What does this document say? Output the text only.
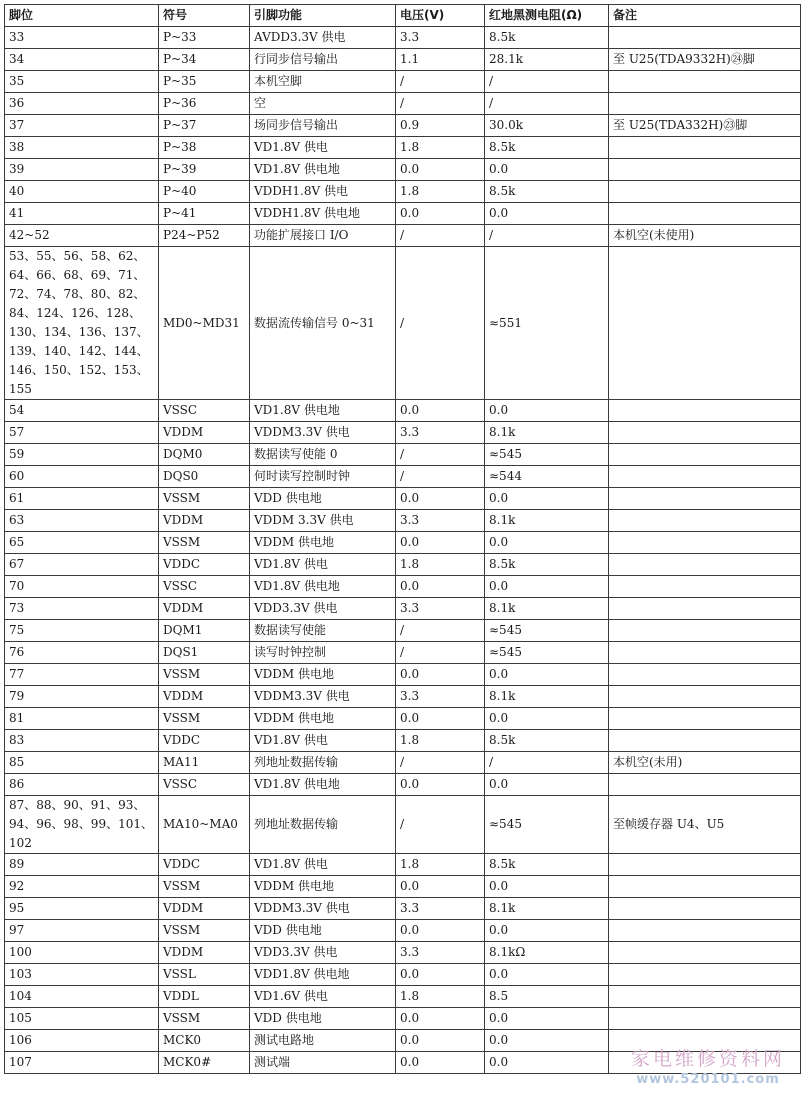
脚位	符号	引脚功能	电压(V)	红地黑测电阻(Ω)	备注
33	P~33	AVDD3.3V 供电	3.3	8.5k	
34	P~34	行同步信号输出	1.1	28.1k	至 U25(TDA9332H)㉔脚
35	P~35	本机空脚	/	/	
36	P~36	空	/	/	
37	P~37	场同步信号输出	0.9	30.0k	至 U25(TDA332H)㉓脚
38	P~38	VD1.8V 供电	1.8	8.5k	
39	P~39	VD1.8V 供电地	0.0	0.0	
40	P~40	VDDH1.8V 供电	1.8	8.5k	
41	P~41	VDDH1.8V 供电地	0.0	0.0	
42~52	P24~P52	功能扩展接口 I/O	/	/	本机空(未使用)
53、55、56、58、62、64、66、68、69、71、72、74、78、80、82、84、124、126、128、130、134、136、137、139、140、142、144、146、150、152、153、155	MD0~MD31	数据流传输信号 0~31	/	≈551	
54	VSSC	VD1.8V 供电地	0.0	0.0	
57	VDDM	VDDM3.3V 供电	3.3	8.1k	
59	DQM0	数据读写使能 0	/	≈545	
60	DQS0	何时读写控制时钟	/	≈544	
61	VSSM	VDD 供电地	0.0	0.0	
63	VDDM	VDDM 3.3V 供电	3.3	8.1k	
65	VSSM	VDDM 供电地	0.0	0.0	
67	VDDC	VD1.8V 供电	1.8	8.5k	
70	VSSC	VD1.8V 供电地	0.0	0.0	
73	VDDM	VDD3.3V 供电	3.3	8.1k	
75	DQM1	数据读写使能	/	≈545	
76	DQS1	读写时钟控制	/	≈545	
77	VSSM	VDDM 供电地	0.0	0.0	
79	VDDM	VDDM3.3V 供电	3.3	8.1k	
81	VSSM	VDDM 供电地	0.0	0.0	
83	VDDC	VD1.8V 供电	1.8	8.5k	
85	MA11	列地址数据传输	/	/	本机空(未用)
86	VSSC	VD1.8V 供电地	0.0	0.0	
87、88、90、91、93、94、96、98、99、101、102	MA10~MA0	列地址数据传输	/	≈545	至帧缓存器 U4、U5
89	VDDC	VD1.8V 供电	1.8	8.5k	
92	VSSM	VDDM 供电地	0.0	0.0	
95	VDDM	VDDM3.3V 供电	3.3	8.1k	
97	VSSM	VDD 供电地	0.0	0.0	
100	VDDM	VDD3.3V 供电	3.3	8.1kΩ	
103	VSSL	VDD1.8V 供电地	0.0	0.0	
104	VDDL	VD1.6V 供电	1.8	8.5	
105	VSSM	VDD 供电地	0.0	0.0	
106	MCK0	测试电路地	0.0	0.0	
107	MCK0#	测试端	0.0	0.0		家电维修资料网
www.520101.com
